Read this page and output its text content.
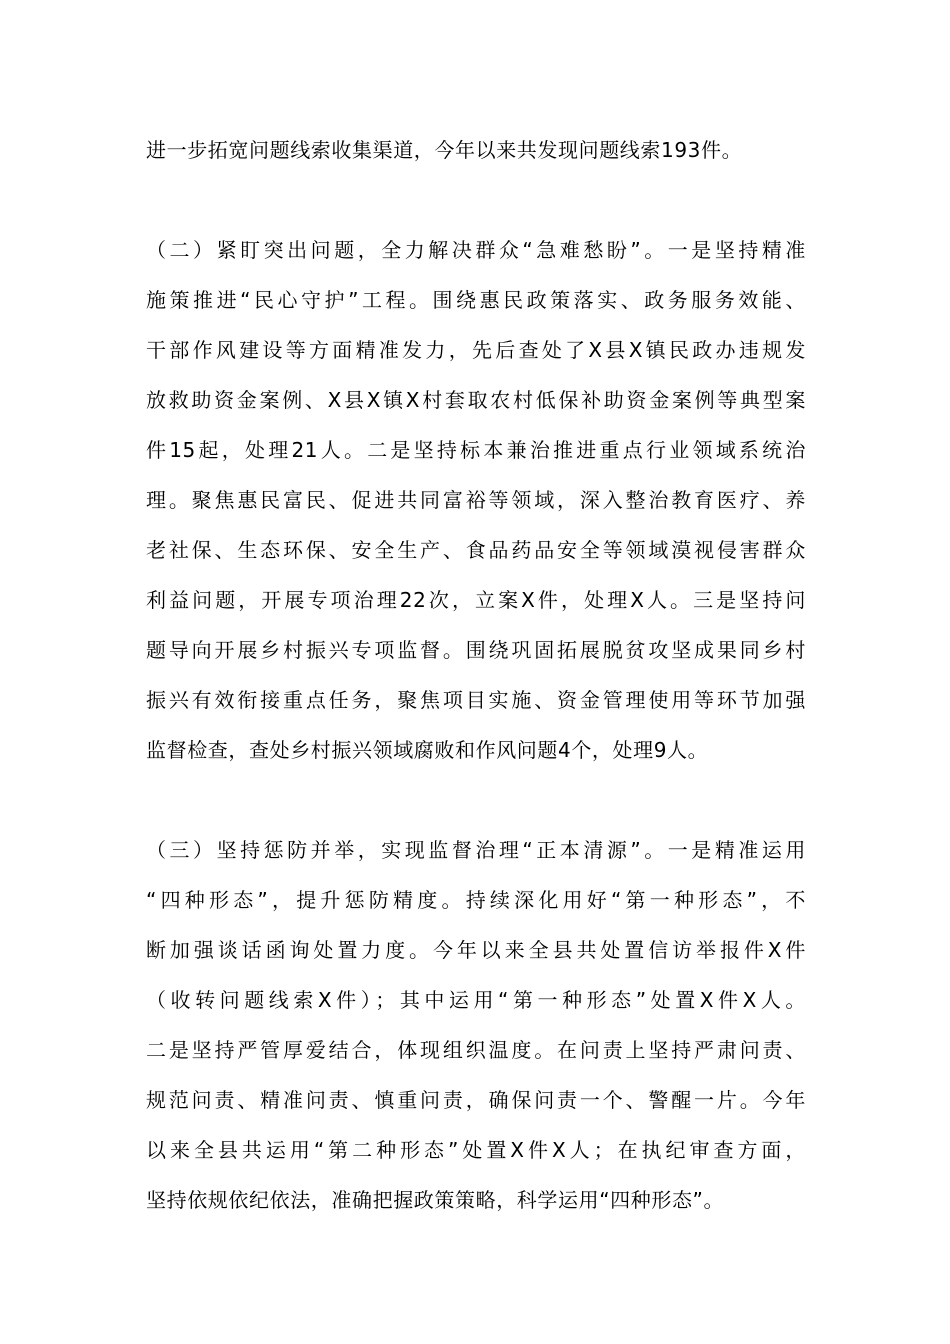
进一步拓宽问题线索收集渠道，今年以来共发现问题线索193件。
（二）紧盯突出问题，全力解决群众“急难愁盼”。一是坚持精准
施策推进“民心守护”工程。围绕惠民政策落实、政务服务效能、
干部作风建设等方面精准发力，先后查处了X县X镇民政办违规发
放救助资金案例、X县X镇X村套取农村低保补助资金案例等典型案
件15起，处理21人。二是坚持标本兼治推进重点行业领域系统治
理。聚焦惠民富民、促进共同富裕等领域，深入整治教育医疗、养
老社保、生态环保、安全生产、食品药品安全等领域漠视侵害群众
利益问题，开展专项治理22次，立案X件，处理X人。三是坚持问
题导向开展乡村振兴专项监督。围绕巩固拓展脱贫攻坚成果同乡村
振兴有效衔接重点任务，聚焦项目实施、资金管理使用等环节加强
监督检查，查处乡村振兴领域腐败和作风问题4个，处理9人。
（三）坚持惩防并举，实现监督治理“正本清源”。一是精准运用
“四种形态”，提升惩防精度。持续深化用好“第一种形态”，不
断加强谈话函询处置力度。今年以来全县共处置信访举报件X件
（收转问题线索X件）；其中运用“第一种形态”处置X件X人。
二是坚持严管厚爱结合，体现组织温度。在问责上坚持严肃问责、
规范问责、精准问责、慎重问责，确保问责一个、警醒一片。今年
以来全县共运用“第二种形态”处置X件X人；在执纪审查方面，
坚持依规依纪依法，准确把握政策策略，科学运用“四种形态”。
